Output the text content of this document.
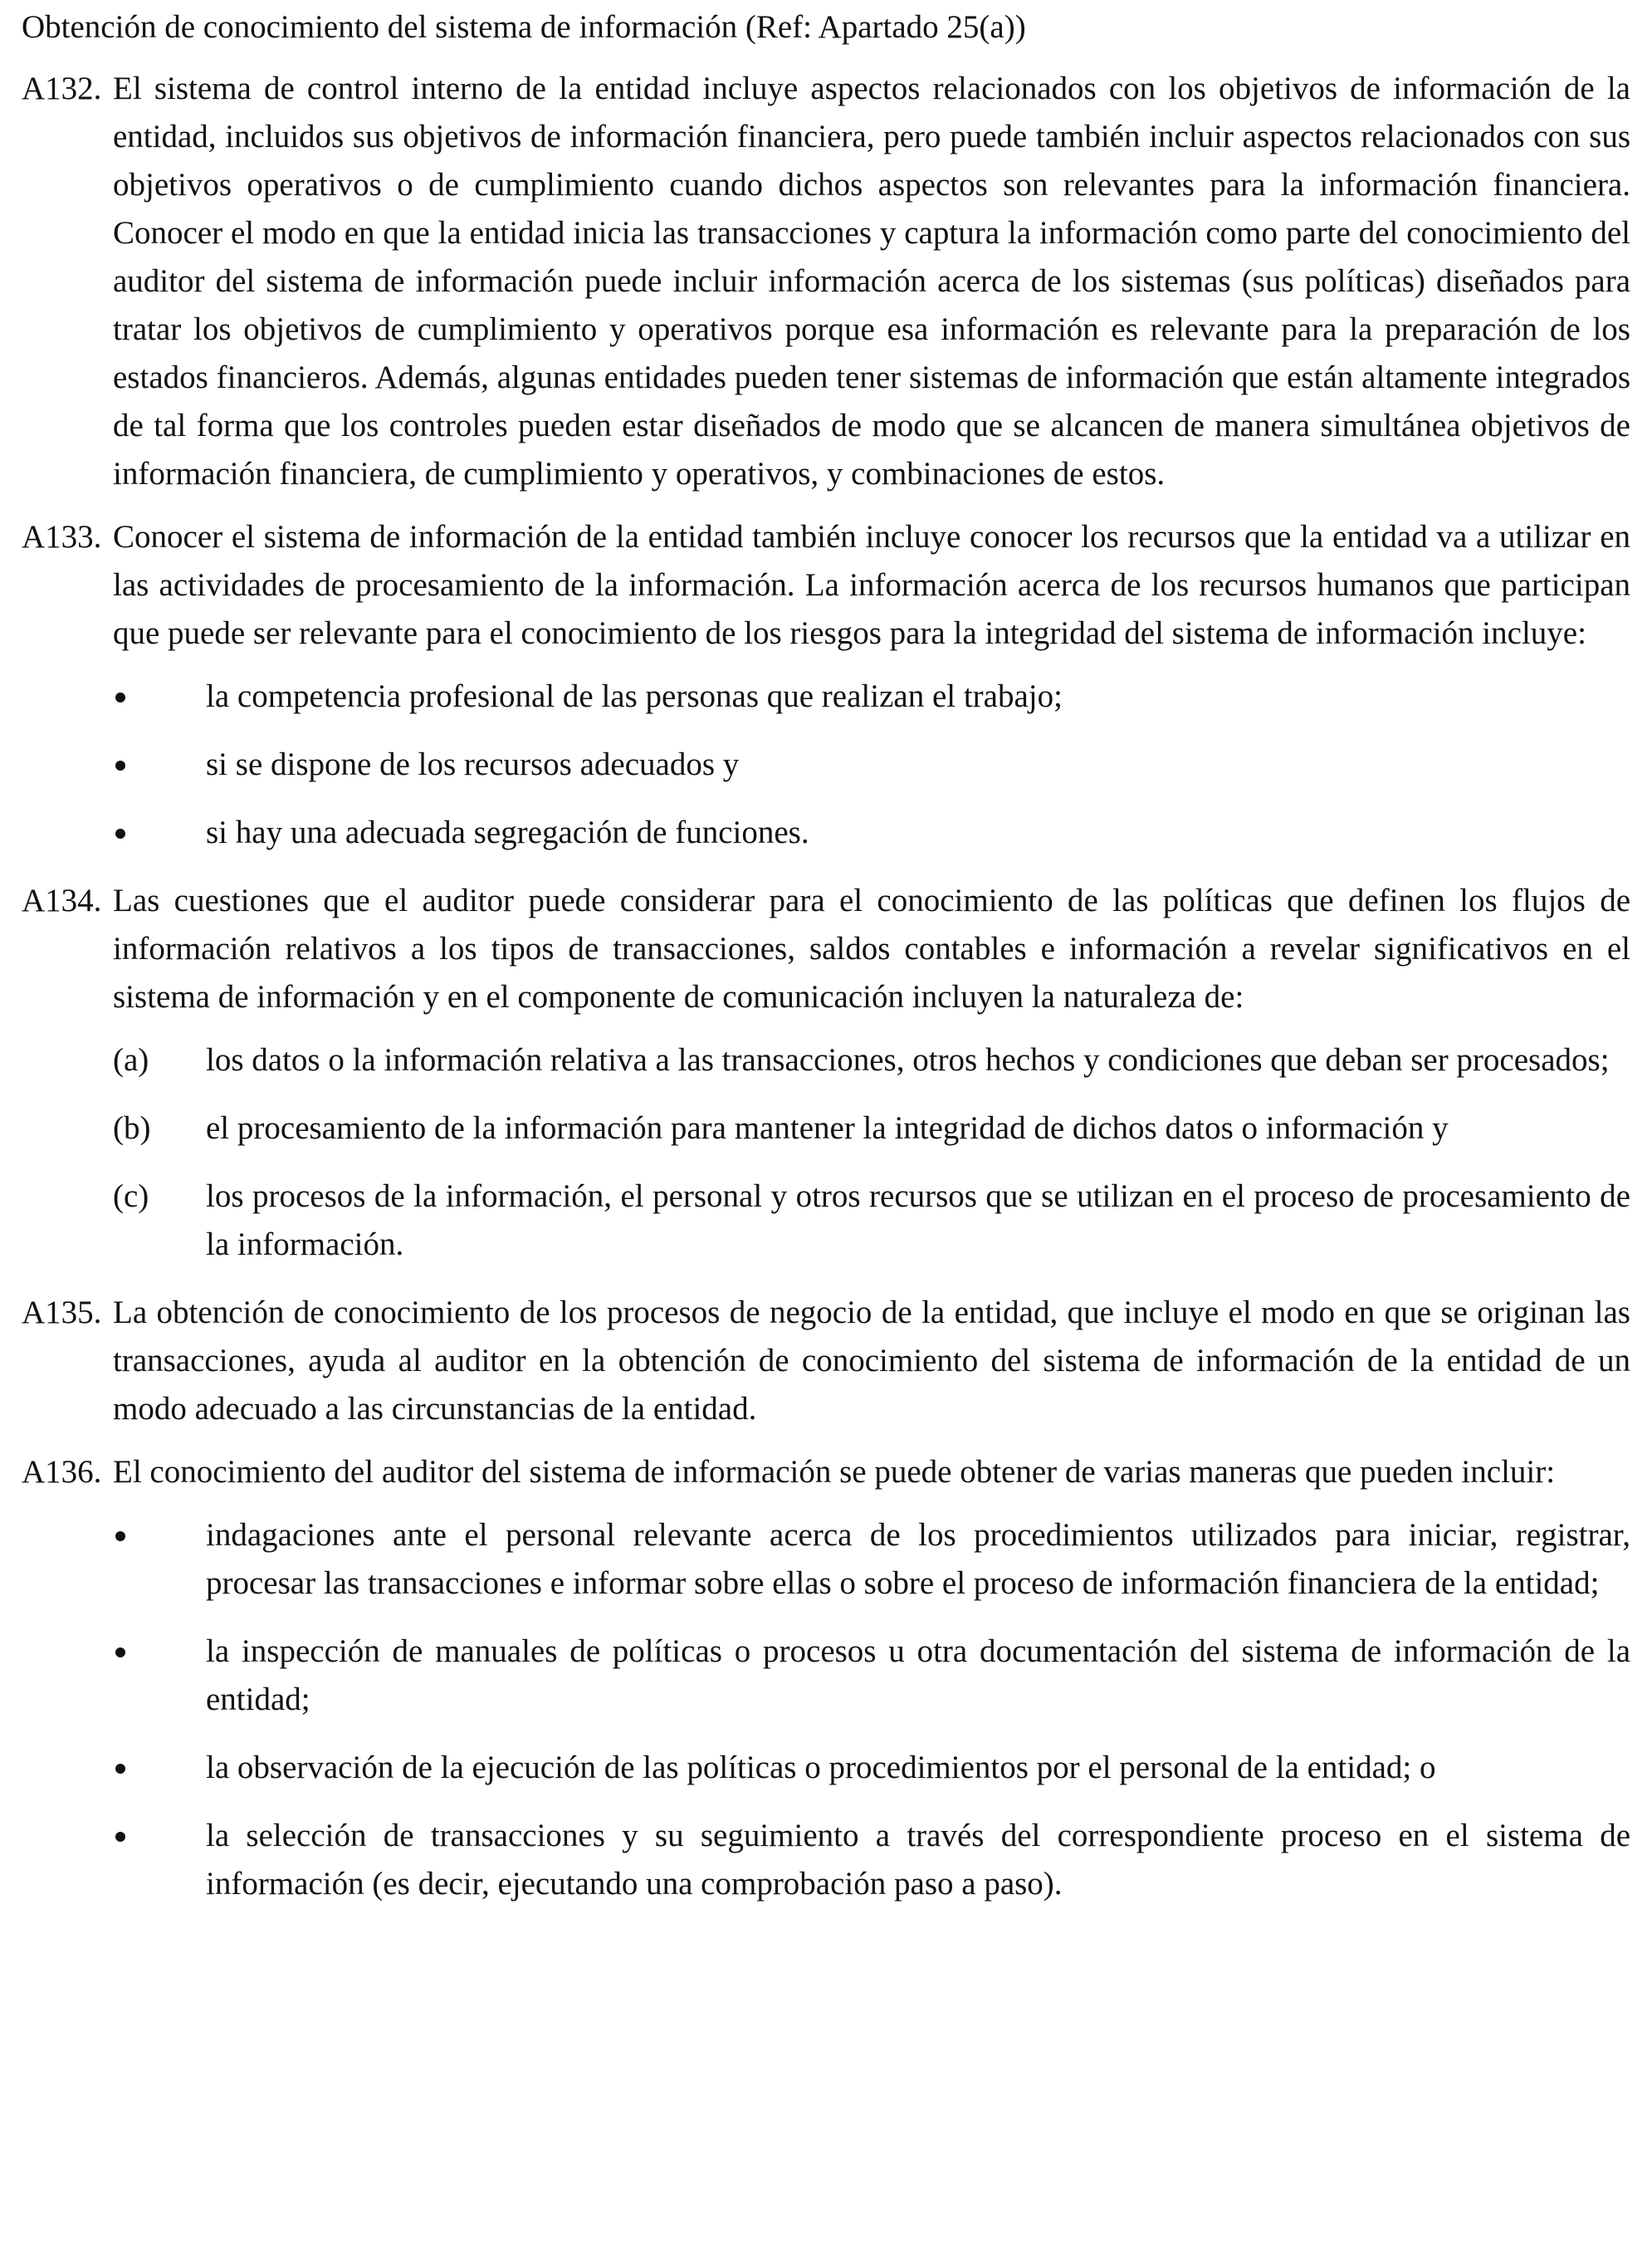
Obtención de conocimiento del sistema de información (Ref: Apartado 25(a))
A132. El sistema de control interno de la entidad incluye aspectos relacionados con los objetivos de información de la entidad, incluidos sus objetivos de información financiera, pero puede también incluir aspectos relacionados con sus objetivos operativos o de cumplimiento cuando dichos aspectos son relevantes para la información financiera. Conocer el modo en que la entidad inicia las transacciones y captura la información como parte del conocimiento del auditor del sistema de información puede incluir información acerca de los sistemas (sus políticas) diseñados para tratar los objetivos de cumplimiento y operativos porque esa información es relevante para la preparación de los estados financieros. Además, algunas entidades pueden tener sistemas de información que están altamente integrados de tal forma que los controles pueden estar diseñados de modo que se alcancen de manera simultánea objetivos de información financiera, de cumplimiento y operativos, y combinaciones de estos.
A133. Conocer el sistema de información de la entidad también incluye conocer los recursos que la entidad va a utilizar en las actividades de procesamiento de la información. La información acerca de los recursos humanos que participan que puede ser relevante para el conocimiento de los riesgos para la integridad del sistema de información incluye:
la competencia profesional de las personas que realizan el trabajo;
si se dispone de los recursos adecuados y
si hay una adecuada segregación de funciones.
A134. Las cuestiones que el auditor puede considerar para el conocimiento de las políticas que definen los flujos de información relativos a los tipos de transacciones, saldos contables e información a revelar significativos en el sistema de información y en el componente de comunicación incluyen la naturaleza de:
(a) los datos o la información relativa a las transacciones, otros hechos y condiciones que deban ser procesados;
(b) el procesamiento de la información para mantener la integridad de dichos datos o información y
(c) los procesos de la información, el personal y otros recursos que se utilizan en el proceso de procesamiento de la información.
A135. La obtención de conocimiento de los procesos de negocio de la entidad, que incluye el modo en que se originan las transacciones, ayuda al auditor en la obtención de conocimiento del sistema de información de la entidad de un modo adecuado a las circunstancias de la entidad.
A136. El conocimiento del auditor del sistema de información se puede obtener de varias maneras que pueden incluir:
indagaciones ante el personal relevante acerca de los procedimientos utilizados para iniciar, registrar, procesar las transacciones e informar sobre ellas o sobre el proceso de información financiera de la entidad;
la inspección de manuales de políticas o procesos u otra documentación del sistema de información de la entidad;
la observación de la ejecución de las políticas o procedimientos por el personal de la entidad; o
la selección de transacciones y su seguimiento a través del correspondiente proceso en el sistema de información (es decir, ejecutando una comprobación paso a paso).
